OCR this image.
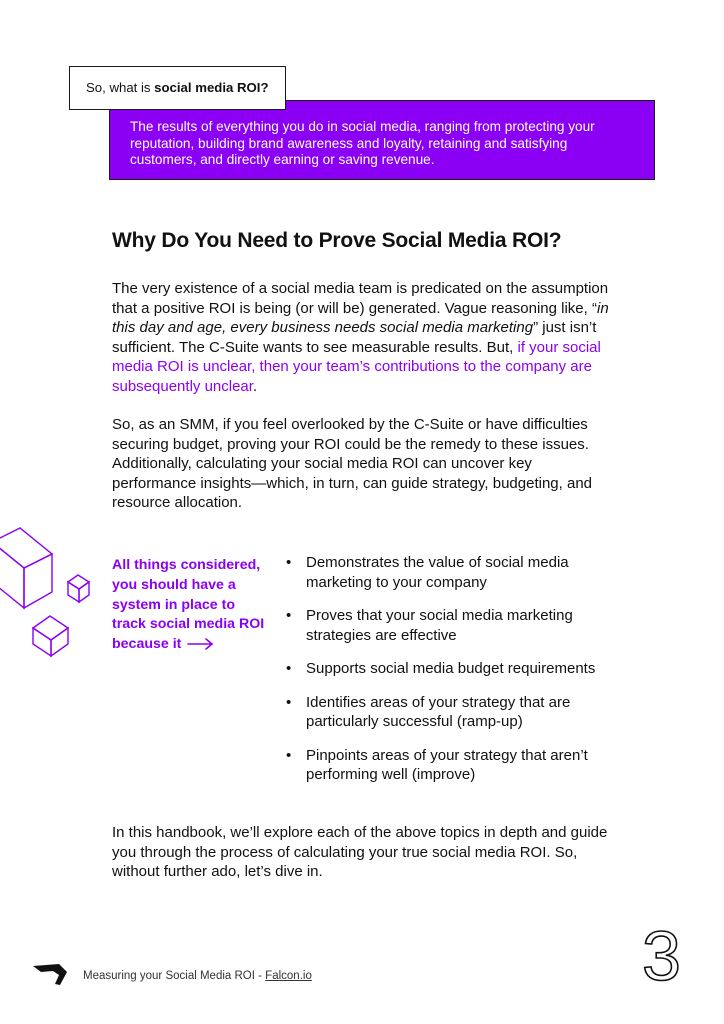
The results of everything you do in social media, ranging from protecting your reputation, building brand awareness and loyalty, retaining and satisfying customers, and directly earning or saving revenue.

So, what is social media ROI?
Why Do You Need to Prove Social Media ROI?

The very existence of a social media team is predicated on the assumption that a positive ROI is being (or will be) generated. Vague reasoning like, “in this day and age, every business needs social media marketing” just isn’t sufficient. The C-Suite wants to see measurable results. But, if your social media ROI is unclear, then your team’s contributions to the company are subsequently unclear.

So, as an SMM, if you feel overlooked by the C-Suite or have difficulties securing budget, proving your ROI could be the remedy to these issues. Additionally, calculating your social media ROI can uncover key performance insights—which, in turn, can guide strategy, budgeting, and resource allocation.

All things considered, you should have a system in place to track social media ROI because it

• Demonstrates the value of social media marketing to your company
• Proves that your social media marketing strategies are effective
• Supports social media budget requirements
• Identifies areas of your strategy that are particularly successful (ramp-up)
• Pinpoints areas of your strategy that aren’t performing well (improve)

In this handbook, we’ll explore each of the above topics in depth and guide you through the process of calculating your true social media ROI. So, without further ado, let’s dive in.

Measuring your Social Media ROI - Falcon.io	3
